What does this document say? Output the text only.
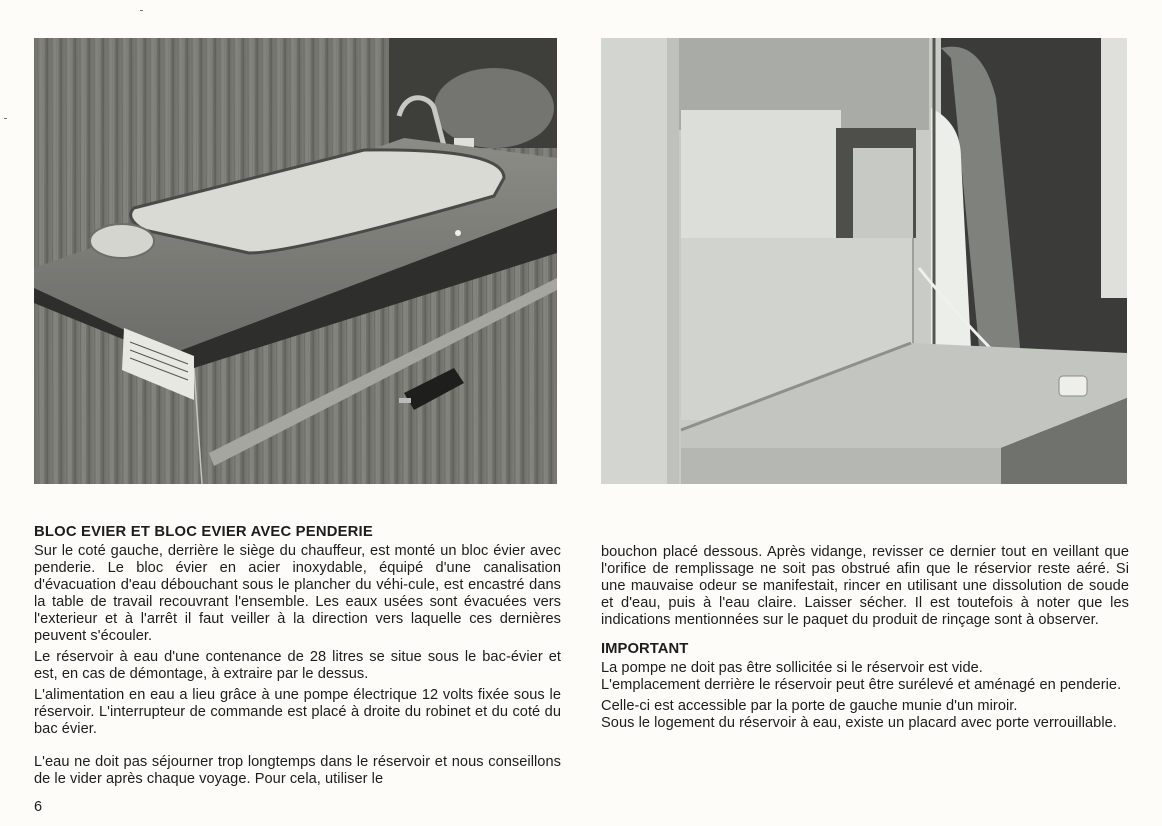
BLOC EVIER ET BLOC EVIER AVEC PENDERIE

Sur le coté gauche, derrière le siège du chauffeur, est monté un bloc évier avec penderie. Le bloc évier en acier inoxydable, équipé d'une canalisation d'évacuation d'eau débouchant sous le plancher du véhi-cule, est encastré dans la table de travail recouvrant l'ensemble. Les eaux usées sont évacuées vers l'exterieur et à l'arrêt il faut veiller à la direction vers laquelle ces dernières peuvent s'écouler.

Le réservoir à eau d'une contenance de 28 litres se situe sous le bac-évier et est, en cas de démontage, à extraire par le dessus.

L'alimentation en eau a lieu grâce à une pompe électrique 12 volts fixée sous le réservoir. L'interrupteur de commande est placé à droite du robinet et du coté du bac évier.

L'eau ne doit pas séjourner trop longtemps dans le réservoir et nous conseillons de le vider après chaque voyage. Pour cela, utiliser le

bouchon placé dessous. Après vidange, revisser ce dernier tout en veillant que l'orifice de remplissage ne soit pas obstrué afin que le réservior reste aéré. Si une mauvaise odeur se manifestait, rincer en utilisant une dissolution de soude et d'eau, puis à l'eau claire. Laisser sécher. Il est toutefois à noter que les indications mentionnées sur le paquet du produit de rinçage sont à observer.

IMPORTANT

La pompe ne doit pas être sollicitée si le réservoir est vide.

L'emplacement derrière le réservoir peut être surélevé et aménagé en penderie.

Celle-ci est accessible par la porte de gauche munie d'un miroir.

Sous le logement du réservoir à eau, existe un placard avec porte verrouillable.

6
